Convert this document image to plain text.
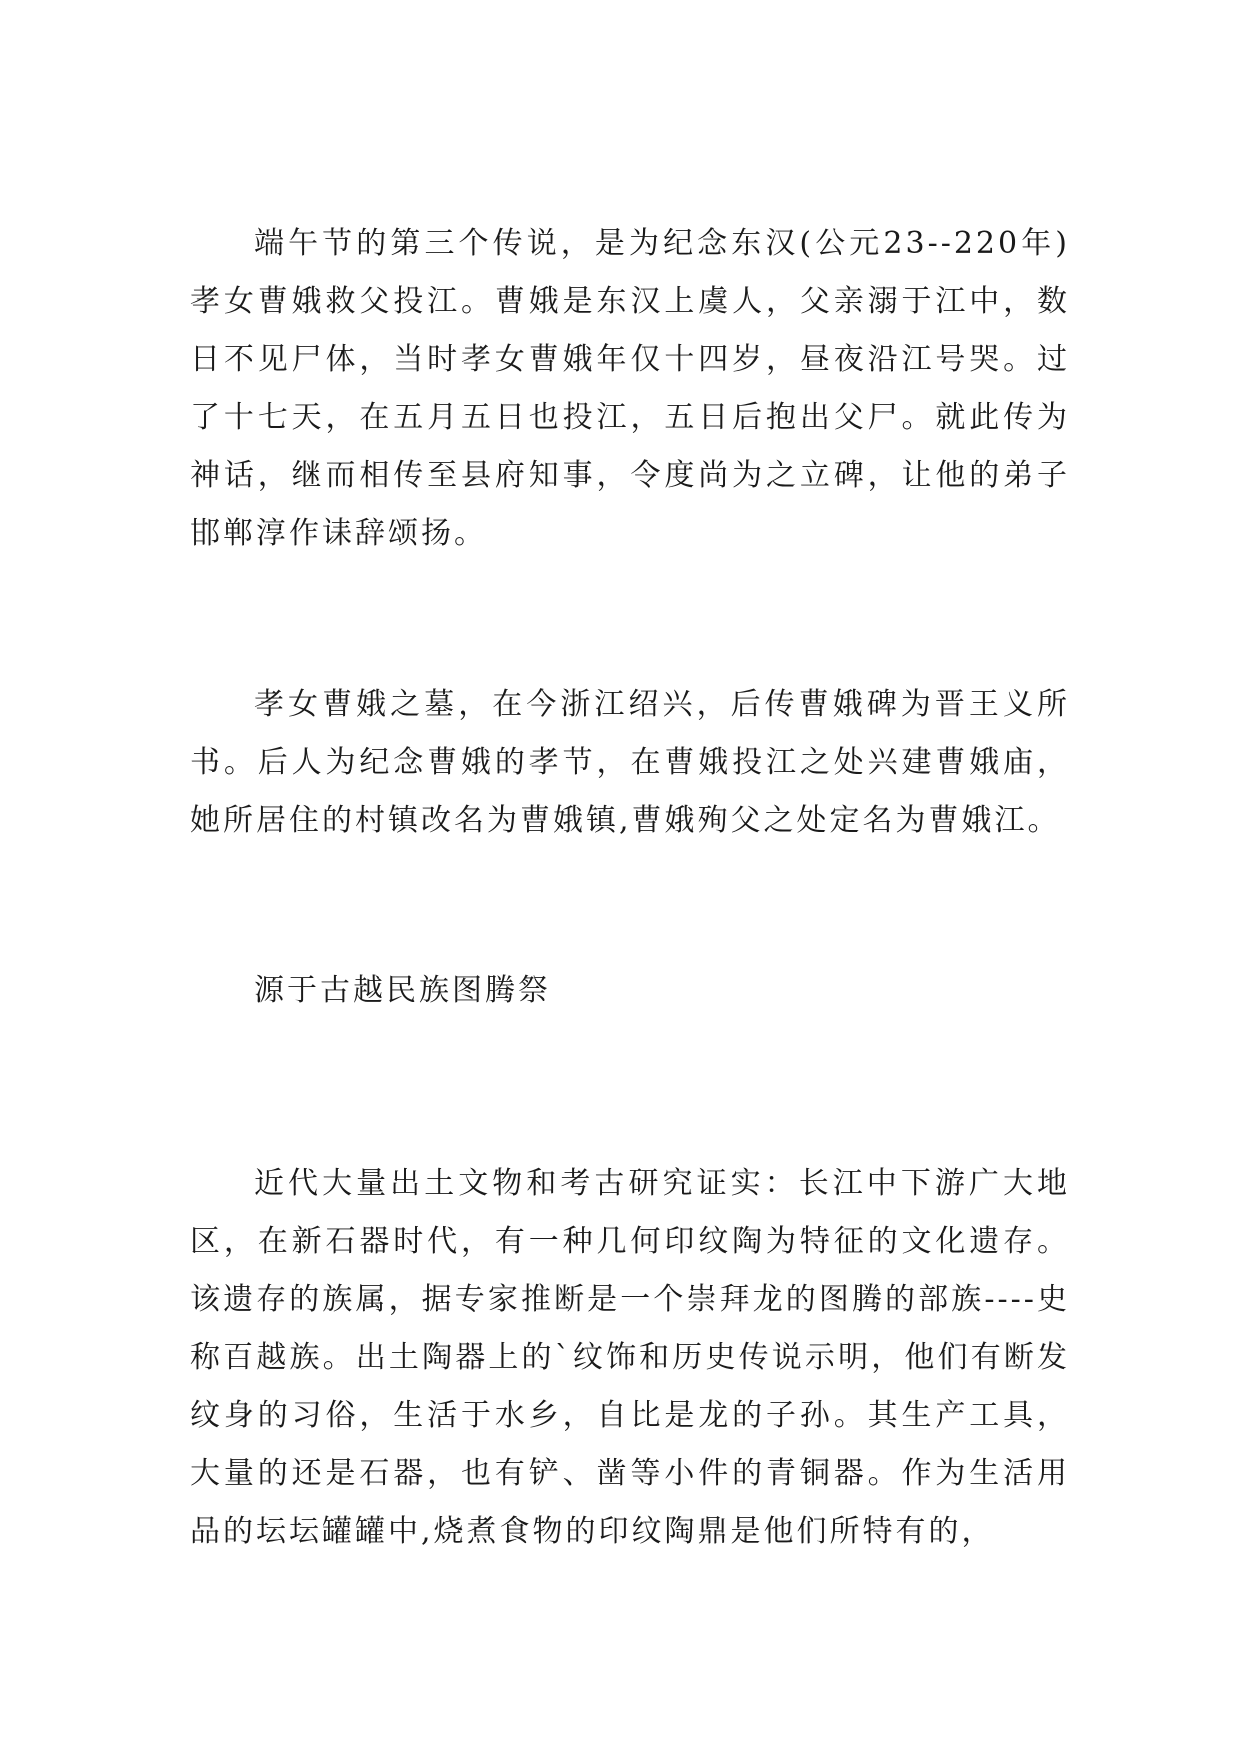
端午节的第三个传说，是为纪念东汉(公元23--220年)孝女曹娥救父投江。曹娥是东汉上虞人，父亲溺于江中，数日不见尸体，当时孝女曹娥年仅十四岁，昼夜沿江号哭。过了十七天，在五月五日也投江，五日后抱出父尸。就此传为神话，继而相传至县府知事，令度尚为之立碑，让他的弟子邯郸淳作诔辞颂扬。

孝女曹娥之墓，在今浙江绍兴，后传曹娥碑为晋王义所书。后人为纪念曹娥的孝节，在曹娥投江之处兴建曹娥庙，她所居住的村镇改名为曹娥镇,曹娥殉父之处定名为曹娥江。

源于古越民族图腾祭

近代大量出土文物和考古研究证实：长江中下游广大地区，在新石器时代，有一种几何印纹陶为特征的文化遗存。该遗存的族属，据专家推断是一个崇拜龙的图腾的部族----史称百越族。出土陶器上的`纹饰和历史传说示明，他们有断发纹身的习俗，生活于水乡，自比是龙的子孙。其生产工具，大量的还是石器，也有铲、凿等小件的青铜器。作为生活用品的坛坛罐罐中,烧煮食物的印纹陶鼎是他们所特有的，
